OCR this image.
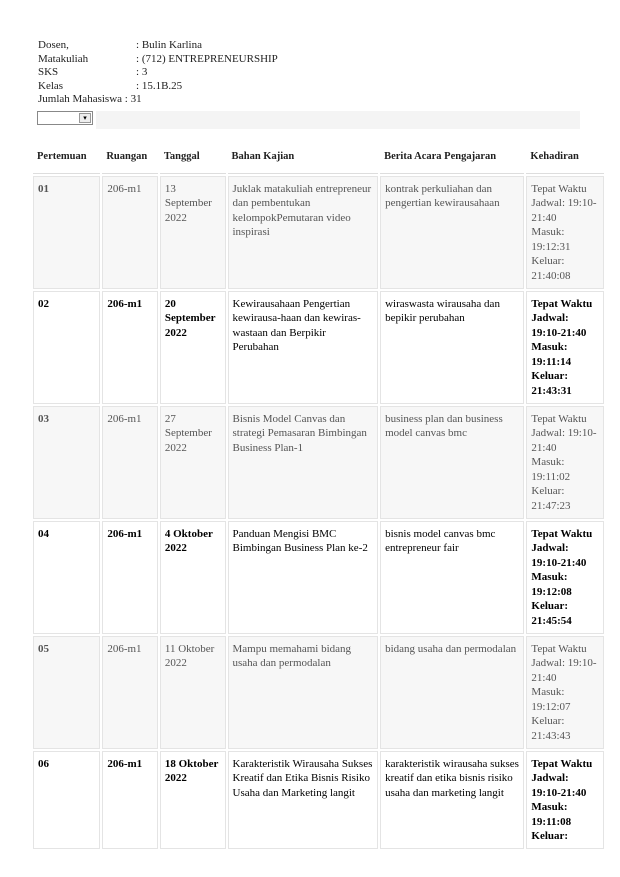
Dosen,	:
Bulin Karlina
Matakuliah	:
(712) ENTREPRENEURSHIP
SKS	:
3
Kelas	:
15.1B.25
Jumlah Mahasiswa
:
31
▾
Pertemuan	Ruangan	Tanggal	Bahan Kajian	Berita Acara Pengajaran	Kehadiran
01	206-m1	13 September 2022	Juklak matakuliah entrepreneur dan pembentukan kelompokPemutaran video inspirasi	kontrak perkuliahan dan pengertian kewirausahaan	Tepat Waktu
Jadwal: 19:10-21:40
Masuk: 19:12:31
Keluar: 21:40:08

02	206-m1	20 September 2022	Kewirausahaan Pengertian kewirausa-haan dan kewiras-wastaan dan Berpikir Perubahan	wiraswasta wirausaha dan bepikir perubahan	Tepat Waktu
Jadwal: 19:10-21:40
Masuk: 19:11:14
Keluar: 21:43:31

03	206-m1	27 September 2022	Bisnis Model Canvas dan strategi Pemasaran Bimbingan Business Plan-1	business plan dan business model canvas bmc	Tepat Waktu
Jadwal: 19:10-21:40
Masuk: 19:11:02
Keluar: 21:47:23

04	206-m1	4 Oktober 2022	Panduan Mengisi BMC Bimbingan Business Plan ke-2	bisnis model canvas bmc entrepreneur fair	Tepat Waktu
Jadwal: 19:10-21:40
Masuk: 19:12:08
Keluar: 21:45:54

05	206-m1	11 Oktober 2022	Mampu memahami bidang usaha dan permodalan	bidang usaha dan permodalan	Tepat Waktu
Jadwal: 19:10-21:40
Masuk: 19:12:07
Keluar: 21:43:43

06	206-m1	18 Oktober 2022	Karakteristik Wirausaha Sukses Kreatif dan Etika Bisnis Risiko Usaha dan Marketing langit	karakteristik wirausaha sukses kreatif dan etika bisnis risiko usaha dan marketing langit	Tepat Waktu
Jadwal: 19:10-21:40
Masuk: 19:11:08
Keluar:
